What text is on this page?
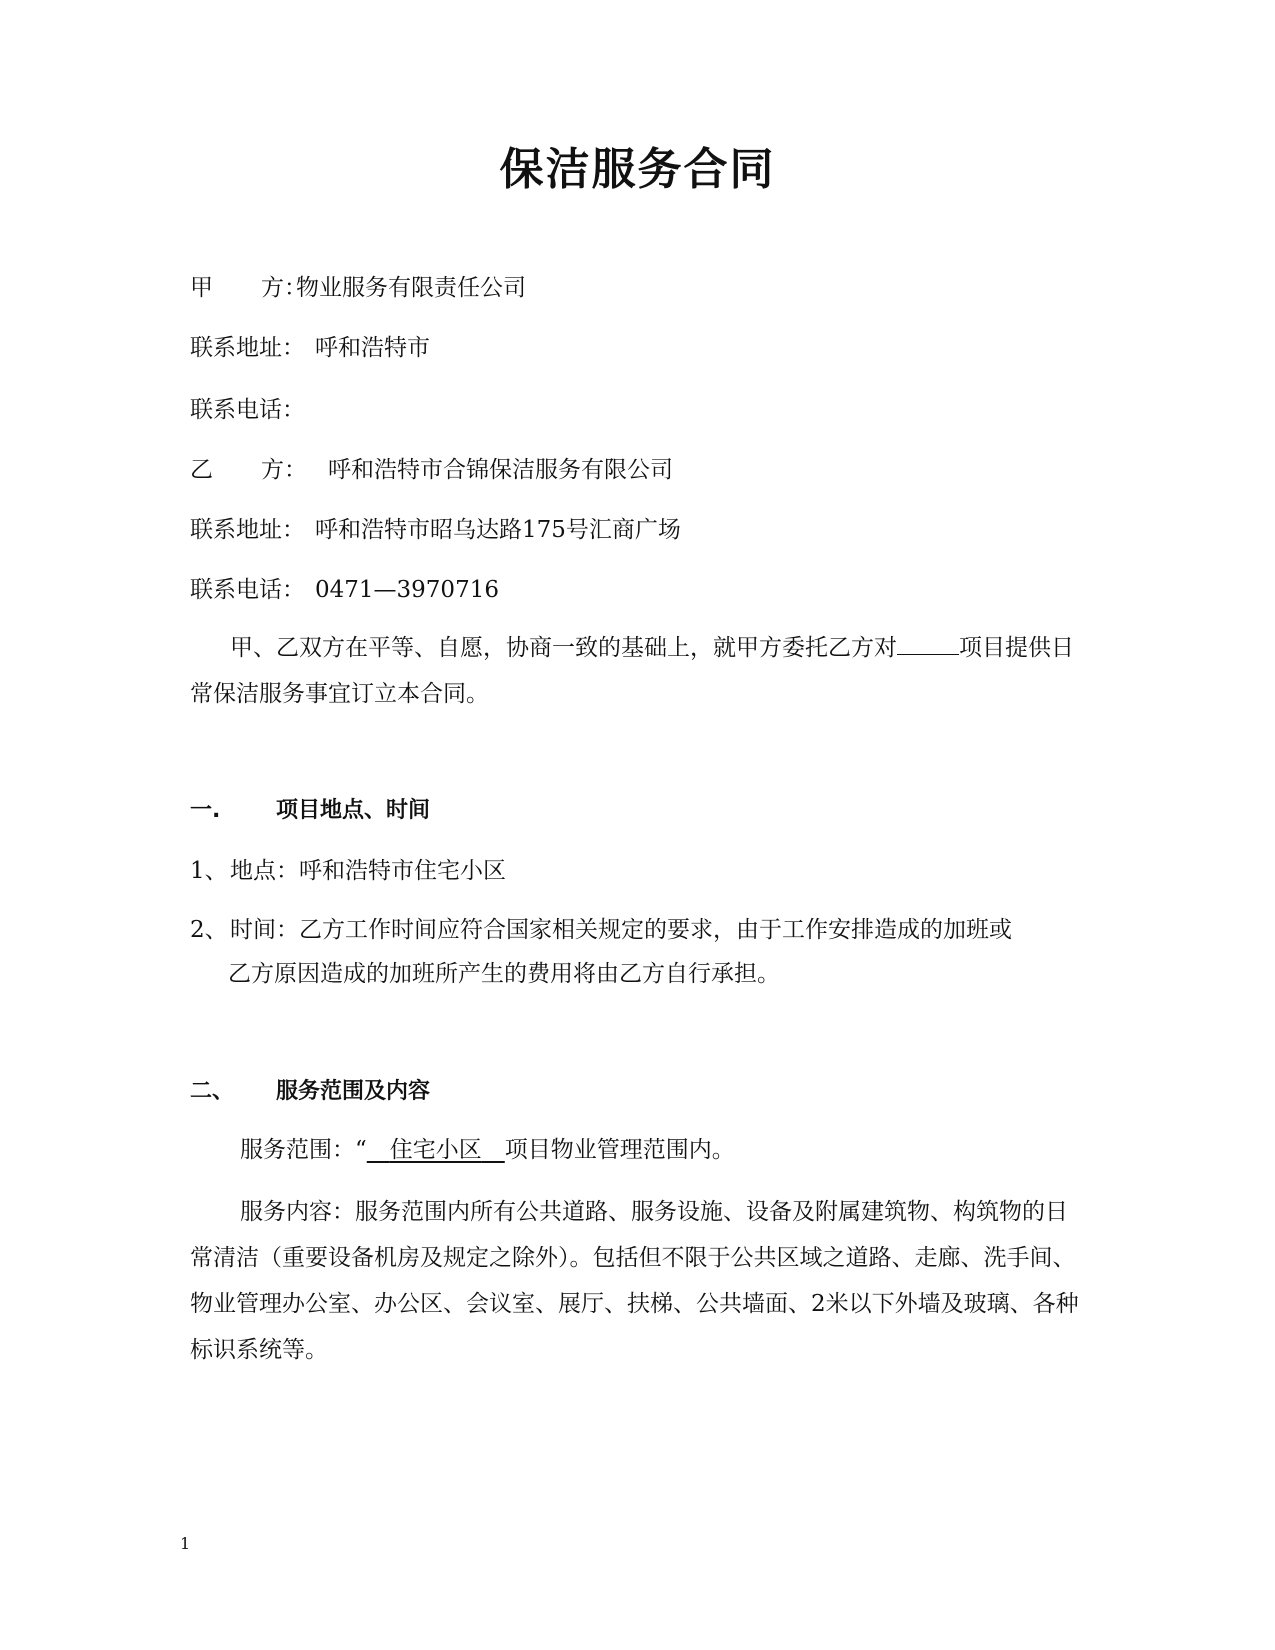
保洁服务合同
甲 方：物业服务有限责任公司
联系地址： 呼和浩特市
联系电话：
乙 方： 呼和浩特市合锦保洁服务有限公司
联系地址： 呼和浩特市昭乌达路175号汇商广场
联系电话： 0471—3970716
甲、乙双方在平等、自愿，协商一致的基础上，就甲方委托乙方对	项目提供日常保洁服务事宜订立本合同。
一.	项目地点、时间
1、 地点：呼和浩特市住宅小区
2、 时间：乙方工作时间应符合国家相关规定的要求，由于工作安排造成的加班或
乙方原因造成的加班所产生的费用将由乙方自行承担。
二、 服务范围及内容
服务范围：“   住宅小区   项目物业管理范围内。
服务内容：服务范围内所有公共道路、服务设施、设备及附属建筑物、构筑物的日常清洁（重要设备机房及规定之除外）。包括但不限于公共区域之道路、走廊、洗手间、物业管理办公室、办公区、会议室、展厅、扶梯、公共墙面、2米以下外墙及玻璃、各种标识系统等。
1
